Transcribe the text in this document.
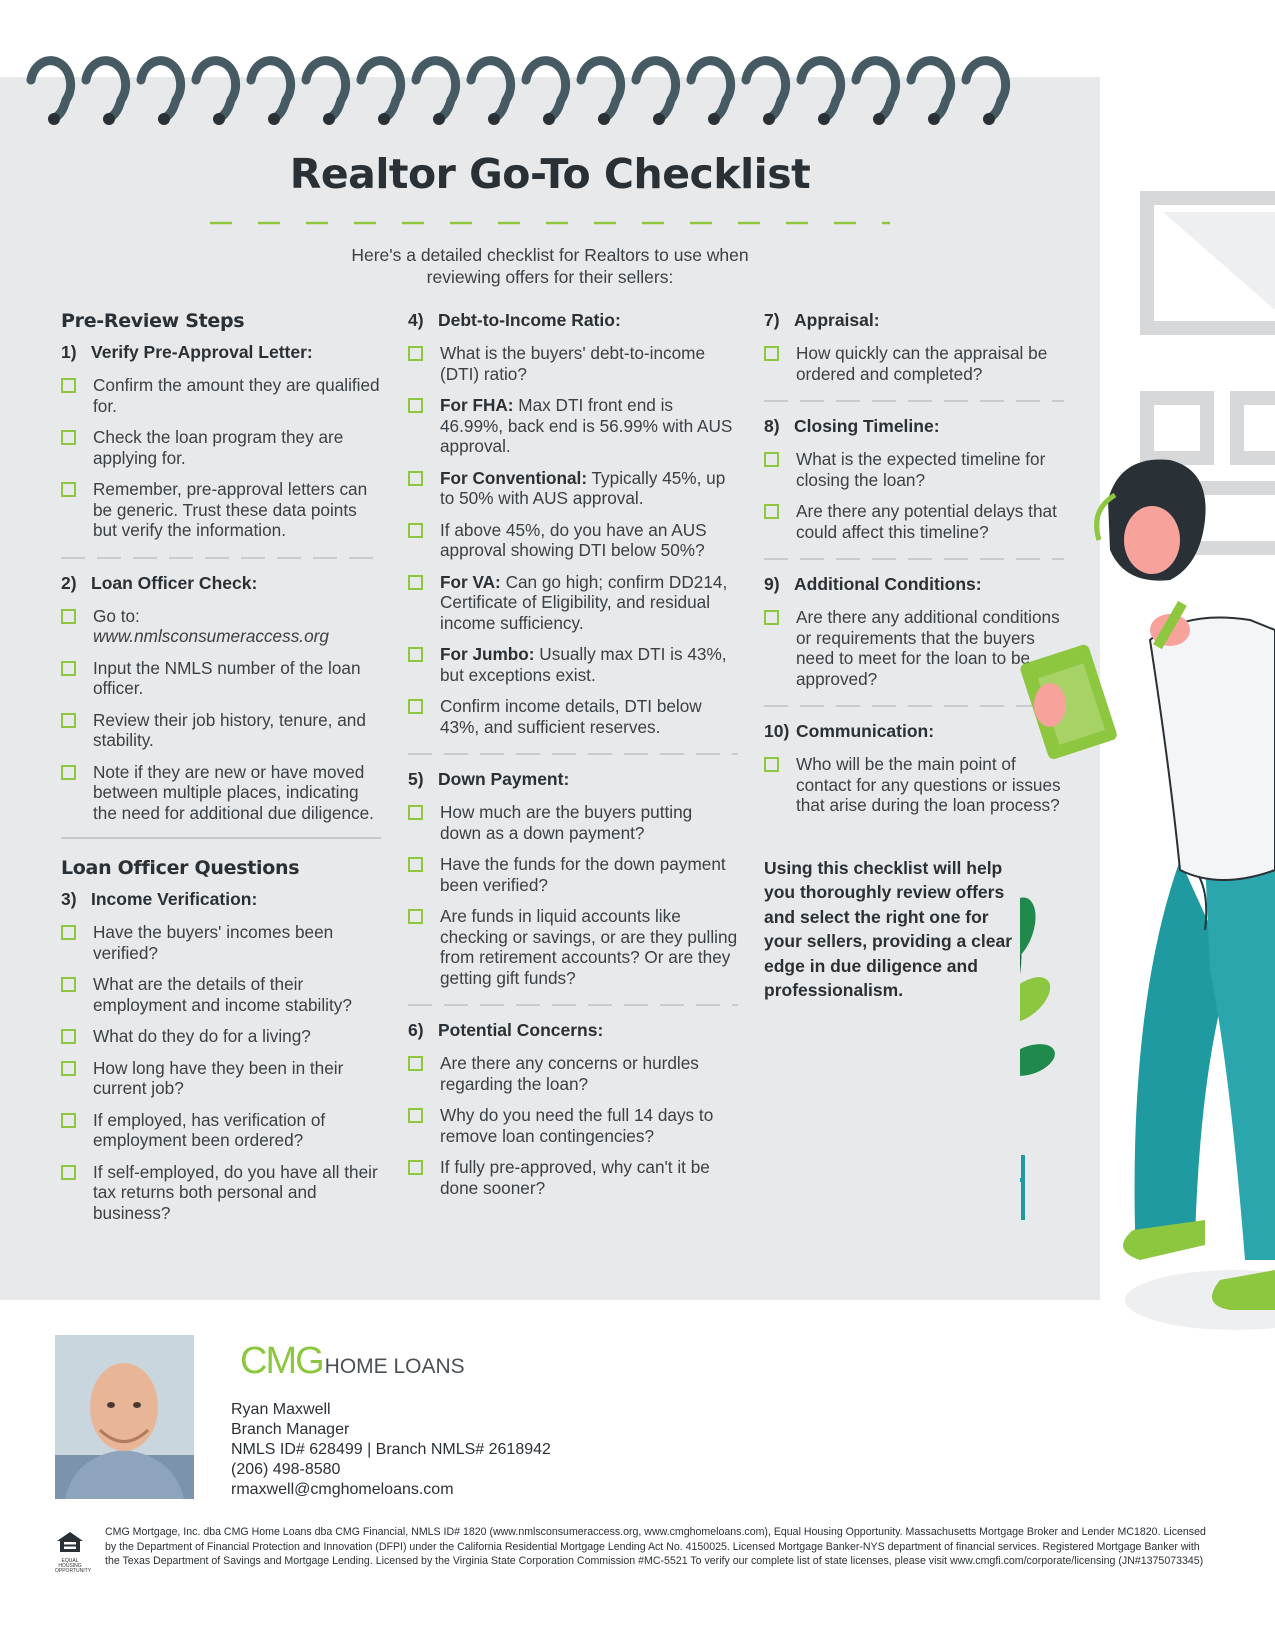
Realtor Go-To Checklist
Here's a detailed checklist for Realtors to use when reviewing offers for their sellers:
Pre-Review Steps
1) Verify Pre-Approval Letter:
Confirm the amount they are qualified for.
Check the loan program they are applying for.
Remember, pre-approval letters can be generic. Trust these data points but verify the information.
2) Loan Officer Check:
Go to:
www.nmlsconsumeraccess.org
Input the NMLS number of the loan officer.
Review their job history, tenure, and stability.
Note if they are new or have moved between multiple places, indicating the need for additional due diligence.
Loan Officer Questions
3) Income Verification:
Have the buyers' incomes been verified?
What are the details of their employment and income stability?
What do they do for a living?
How long have they been in their current job?
If employed, has verification of employment been ordered?
If self-employed, do you have all their tax returns both personal and business?
4) Debt-to-Income Ratio:
What is the buyers' debt-to-income (DTI) ratio?
For FHA: Max DTI front end is 46.99%, back end is 56.99% with AUS approval.
For Conventional: Typically 45%, up to 50% with AUS approval.
If above 45%, do you have an AUS approval showing DTI below 50%?
For VA: Can go high; confirm DD214, Certificate of Eligibility, and residual income sufficiency.
For Jumbo: Usually max DTI is 43%, but exceptions exist.
Confirm income details, DTI below 43%, and sufficient reserves.
5) Down Payment:
How much are the buyers putting down as a down payment?
Have the funds for the down payment been verified?
Are funds in liquid accounts like checking or savings, or are they pulling from retirement accounts? Or are they getting gift funds?
6) Potential Concerns:
Are there any concerns or hurdles regarding the loan?
Why do you need the full 14 days to remove loan contingencies?
If fully pre-approved, why can't it be done sooner?
7) Appraisal:
How quickly can the appraisal be ordered and completed?
8) Closing Timeline:
What is the expected timeline for closing the loan?
Are there any potential delays that could affect this timeline?
9) Additional Conditions:
Are there any additional conditions or requirements that the buyers need to meet for the loan to be approved?
10) Communication:
Who will be the main point of contact for any questions or issues that arise during the loan process?
Using this checklist will help you thoroughly review offers and select the right one for your sellers, providing a clear edge in due diligence and professionalism.
CMG HOME LOANS
Ryan Maxwell
Branch Manager
NMLS ID# 628499 | Branch NMLS# 2618942
(206) 498-8580
rmaxwell@cmghomeloans.com
EQUAL HOUSING OPPORTUNITY
CMG Mortgage, Inc. dba CMG Home Loans dba CMG Financial, NMLS ID# 1820 (www.nmlsconsumeraccess.org, www.cmghomeloans.com), Equal Housing Opportunity. Massachusetts Mortgage Broker and Lender MC1820. Licensed by the Department of Financial Protection and Innovation (DFPI) under the California Residential Mortgage Lending Act No. 4150025. Licensed Mortgage Banker-NYS department of financial services. Registered Mortgage Banker with the Texas Department of Savings and Mortgage Lending. Licensed by the Virginia State Corporation Commission #MC-5521 To verify our complete list of state licenses, please visit www.cmgfi.com/corporate/licensing (JN#1375073345)
